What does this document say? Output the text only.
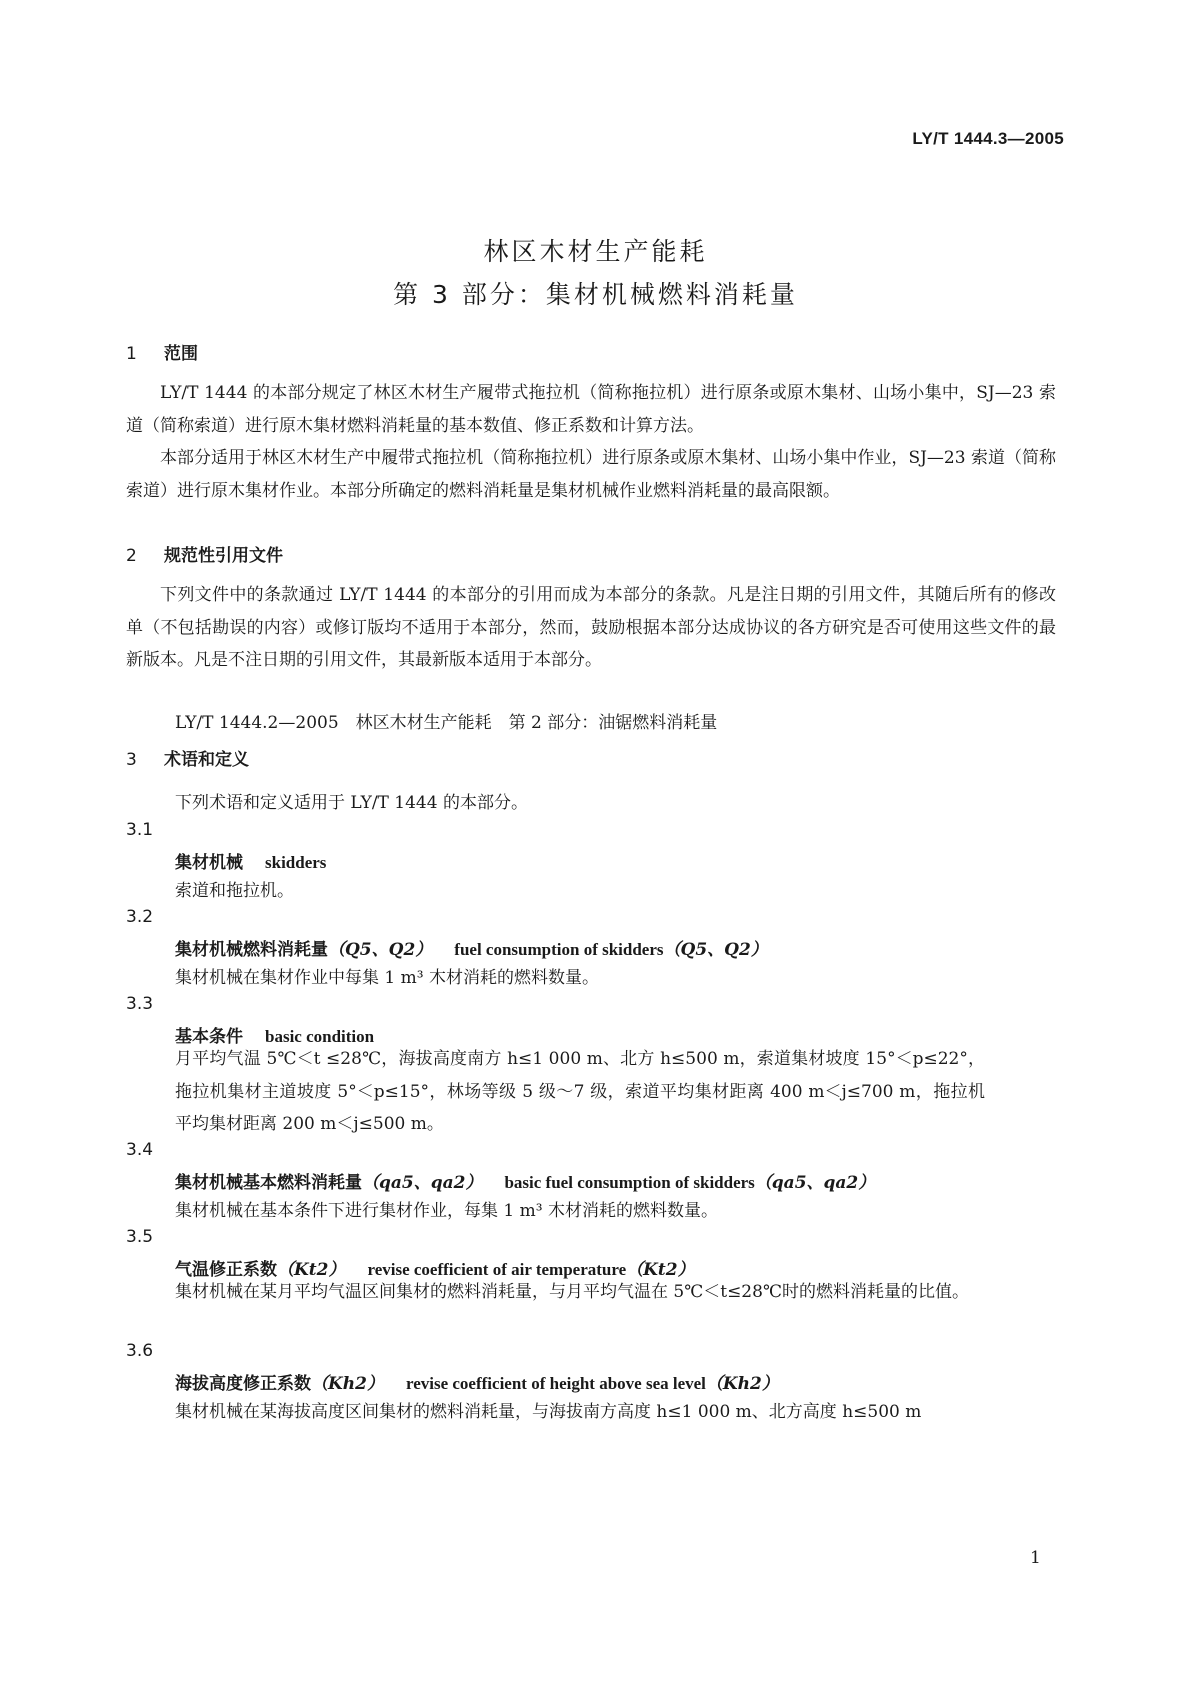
LY/T 1444.3—2005
林区木材生产能耗
第 3 部分：集材机械燃料消耗量
1 范围
LY/T 1444 的本部分规定了林区木材生产履带式拖拉机（简称拖拉机）进行原条或原木集材、山场小集中，SJ—23 索道（简称索道）进行原木集材燃料消耗量的基本数值、修正系数和计算方法。
本部分适用于林区木材生产中履带式拖拉机（简称拖拉机）进行原条或原木集材、山场小集中作业，SJ—23 索道（简称索道）进行原木集材作业。本部分所确定的燃料消耗量是集材机械作业燃料消耗量的最高限额。
2 规范性引用文件
下列文件中的条款通过 LY/T 1444 的本部分的引用而成为本部分的条款。凡是注日期的引用文件，其随后所有的修改单（不包括勘误的内容）或修订版均不适用于本部分，然而，鼓励根据本部分达成协议的各方研究是否可使用这些文件的最新版本。凡是不注日期的引用文件，其最新版本适用于本部分。
LY/T 1444.2—2005　林区木材生产能耗　第 2 部分：油锯燃料消耗量
3 术语和定义
下列术语和定义适用于 LY/T 1444 的本部分。
3.1
集材机械 skidders
索道和拖拉机。
3.2
集材机械燃料消耗量（Q5、Q2） fuel consumption of skidders（Q5、Q2）
集材机械在集材作业中每集 1 m³ 木材消耗的燃料数量。
3.3
基本条件 basic condition
月平均气温 5℃＜t ≤28℃，海拔高度南方 h≤1 000 m、北方 h≤500 m，索道集材坡度 15°＜p≤22°，拖拉机集材主道坡度 5°＜p≤15°，林场等级 5 级～7 级，索道平均集材距离 400 m＜j≤700 m，拖拉机平均集材距离 200 m＜j≤500 m。
3.4
集材机械基本燃料消耗量（qa5、qa2） basic fuel consumption of skidders（qa5、qa2）
集材机械在基本条件下进行集材作业，每集 1 m³ 木材消耗的燃料数量。
3.5
气温修正系数（Kt2） revise coefficient of air temperature（Kt2）
集材机械在某月平均气温区间集材的燃料消耗量，与月平均气温在 5℃＜t≤28℃时的燃料消耗量的比值。
3.6
海拔高度修正系数（Kh2） revise coefficient of height above sea level（Kh2）
集材机械在某海拔高度区间集材的燃料消耗量，与海拔南方高度 h≤1 000 m、北方高度 h≤500 m
1
